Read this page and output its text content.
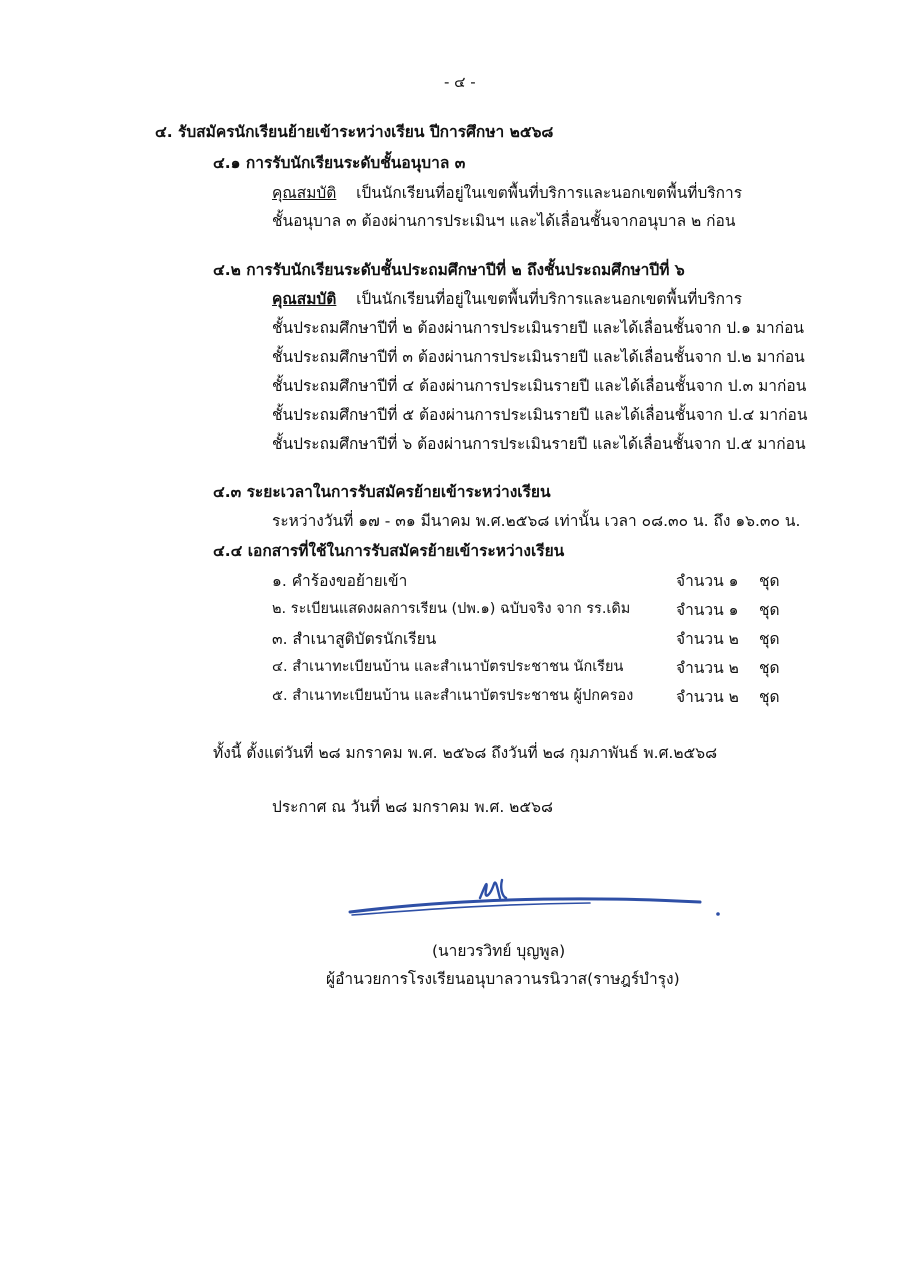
- ๔ -
๔. รับสมัครนักเรียนย้ายเข้าระหว่างเรียน ปีการศึกษา ๒๕๖๘
๔.๑ การรับนักเรียนระดับชั้นอนุบาล ๓
คุณสมบัติ เป็นนักเรียนที่อยู่ในเขตพื้นที่บริการและนอกเขตพื้นที่บริการ
ชั้นอนุบาล ๓ ต้องผ่านการประเมินฯ และได้เลื่อนชั้นจากอนุบาล ๒ ก่อน
๔.๒ การรับนักเรียนระดับชั้นประถมศึกษาปีที่ ๒ ถึงชั้นประถมศึกษาปีที่ ๖
คุณสมบัติ เป็นนักเรียนที่อยู่ในเขตพื้นที่บริการและนอกเขตพื้นที่บริการ
ชั้นประถมศึกษาปีที่ ๒ ต้องผ่านการประเมินรายปี และได้เลื่อนชั้นจาก ป.๑ มาก่อน
ชั้นประถมศึกษาปีที่ ๓ ต้องผ่านการประเมินรายปี และได้เลื่อนชั้นจาก ป.๒ มาก่อน
ชั้นประถมศึกษาปีที่ ๔ ต้องผ่านการประเมินรายปี และได้เลื่อนชั้นจาก ป.๓ มาก่อน
ชั้นประถมศึกษาปีที่ ๕ ต้องผ่านการประเมินรายปี และได้เลื่อนชั้นจาก ป.๔ มาก่อน
ชั้นประถมศึกษาปีที่ ๖ ต้องผ่านการประเมินรายปี และได้เลื่อนชั้นจาก ป.๕ มาก่อน
๔.๓ ระยะเวลาในการรับสมัครย้ายเข้าระหว่างเรียน
ระหว่างวันที่ ๑๗ - ๓๑ มีนาคม พ.ศ.๒๕๖๘ เท่านั้น เวลา ๐๘.๓๐ น. ถึง ๑๖.๓๐ น.
๔.๔ เอกสารที่ใช้ในการรับสมัครย้ายเข้าระหว่างเรียน
๑. คำร้องขอย้ายเข้า	จำนวน ๑ ชุด
๒. ระเบียนแสดงผลการเรียน (ปพ.๑) ฉบับจริง จาก รร.เดิม	จำนวน ๑ ชุด
๓. สำเนาสูติบัตรนักเรียน	จำนวน ๒ ชุด
๔. สำเนาทะเบียนบ้าน และสำเนาบัตรประชาชน นักเรียน	จำนวน ๒ ชุด
๕. สำเนาทะเบียนบ้าน และสำเนาบัตรประชาชน ผู้ปกครอง	จำนวน ๒ ชุด
ทั้งนี้ ตั้งแต่วันที่ ๒๘ มกราคม พ.ศ. ๒๕๖๘ ถึงวันที่ ๒๘ กุมภาพันธ์ พ.ศ.๒๕๖๘
ประกาศ ณ วันที่ ๒๘ มกราคม พ.ศ. ๒๕๖๘
(นายวรวิทย์ บุญพูล)
ผู้อำนวยการโรงเรียนอนุบาลวานรนิวาส(ราษฎร์บำรุง)
